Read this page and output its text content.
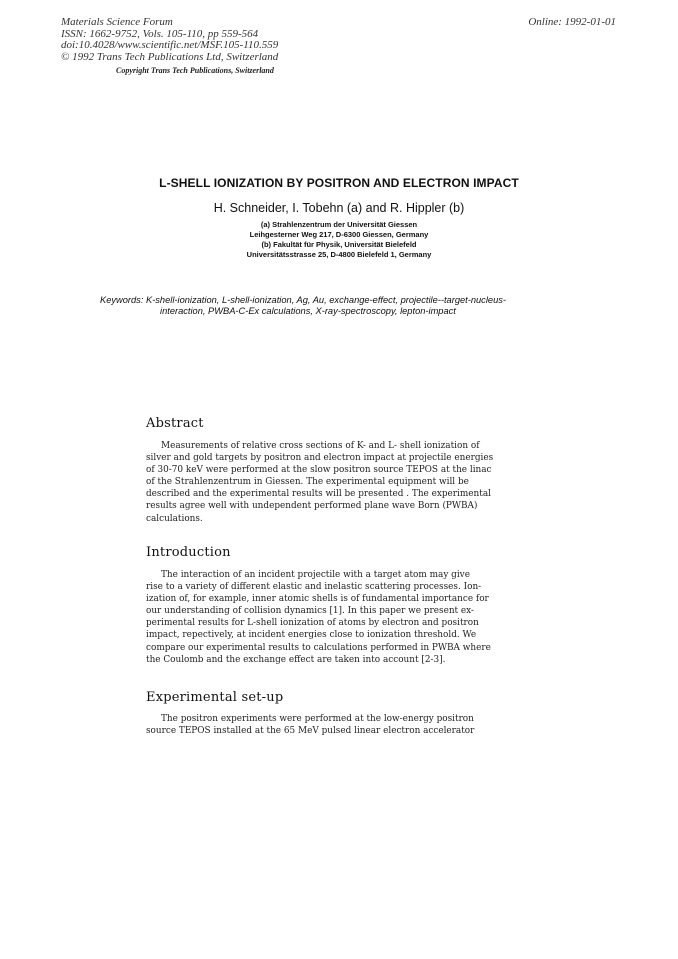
Materials Science Forum
ISSN: 1662-9752, Vols. 105-110, pp 559-564
doi:10.4028/www.scientific.net/MSF.105-110.559
© 1992 Trans Tech Publications Ltd, Switzerland
Online: 1992-01-01
Copyright Trans Tech Publications, Switzerland
L-SHELL IONIZATION BY POSITRON AND ELECTRON IMPACT
H. Schneider, I. Tobehn (a) and R. Hippler (b)
(a) Strahlenzentrum der Universität Giessen
Leihgesterner Weg 217, D-6300 Giessen, Germany
(b) Fakultät für Physik, Universität Bielefeld
Universitätsstrasse 25, D-4800 Bielefeld 1, Germany
Keywords: K-shell-ionization, L-shell-ionization, Ag, Au, exchange-effect, projectile--target-nucleus-
interaction, PWBA-C-Ex calculations, X-ray-spectroscopy, lepton-impact
Abstract
Measurements of relative cross sections of K- and L- shell ionization of
silver and gold targets by positron and electron impact at projectile energies
of 30-70 keV were performed at the slow positron source TEPOS at the linac
of the Strahlenzentrum in Giessen. The experimental equipment will be
described and the experimental results will be presented . The experimental
results agree well with undependent performed plane wave Born (PWBA)
calculations.
Introduction
The interaction of an incident projectile with a target atom may give
rise to a variety of different elastic and inelastic scattering processes. Ion-
ization of, for example, inner atomic shells is of fundamental importance for
our understanding of collision dynamics [1]. In this paper we present ex-
perimental results for L-shell ionization of atoms by electron and positron
impact, repectively, at incident energies close to ionization threshold. We
compare our experimental results to calculations performed in PWBA where
the Coulomb and the exchange effect are taken into account [2-3].
Experimental set-up
The positron experiments were performed at the low-energy positron
source TEPOS installed at the 65 MeV pulsed linear electron accelerator
